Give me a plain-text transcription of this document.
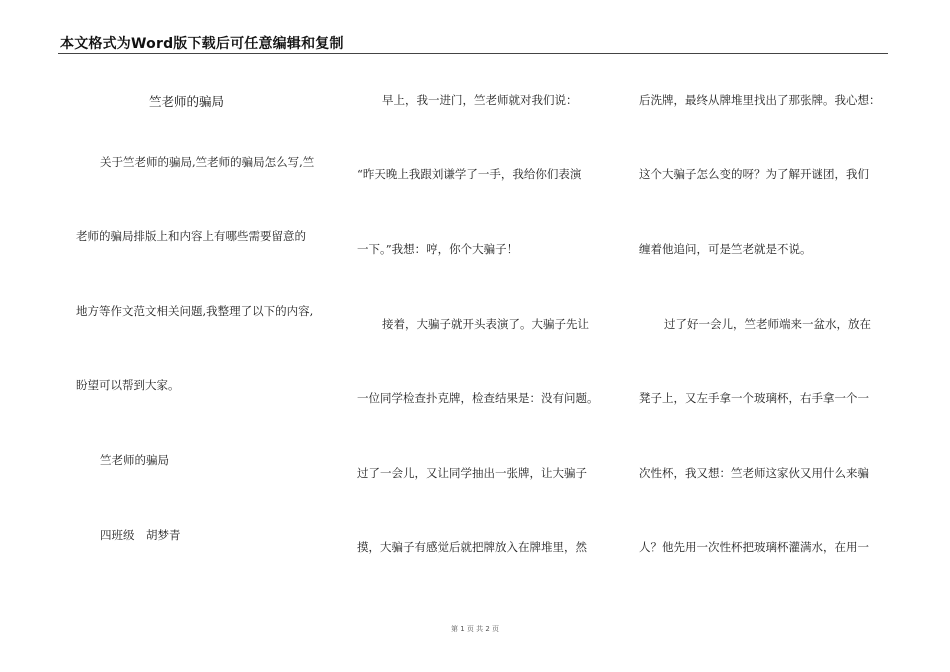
本文格式为Word版下载后可任意编辑和复制
竺老师的骗局
关于竺老师的骗局,竺老师的骗局怎么写,竺
老师的骗局排版上和内容上有哪些需要留意的
地方等作文范文相关问题,我整理了以下的内容,
盼望可以帮到大家。
竺老师的骗局
四班级　胡梦青
早上，我一进门，竺老师就对我们说：
“昨天晚上我跟刘谦学了一手，我给你们表演
一下。”我想：哼，你个大骗子！
接着，大骗子就开头表演了。大骗子先让
一位同学检查扑克牌，检查结果是：没有问题。
过了一会儿，又让同学抽出一张牌，让大骗子
摸，大骗子有感觉后就把牌放入在牌堆里，然
后洗牌，最终从牌堆里找出了那张牌。我心想：
这个大骗子怎么变的呀？为了解开谜团，我们
缠着他追问，可是竺老就是不说。
过了好一会儿，竺老师端来一盆水，放在
凳子上，又左手拿一个玻璃杯，右手拿一个一
次性杯，我又想：竺老师这家伙又用什么来骗
人？他先用一次性杯把玻璃杯灌满水，在用一
第 1 页 共 2 页
